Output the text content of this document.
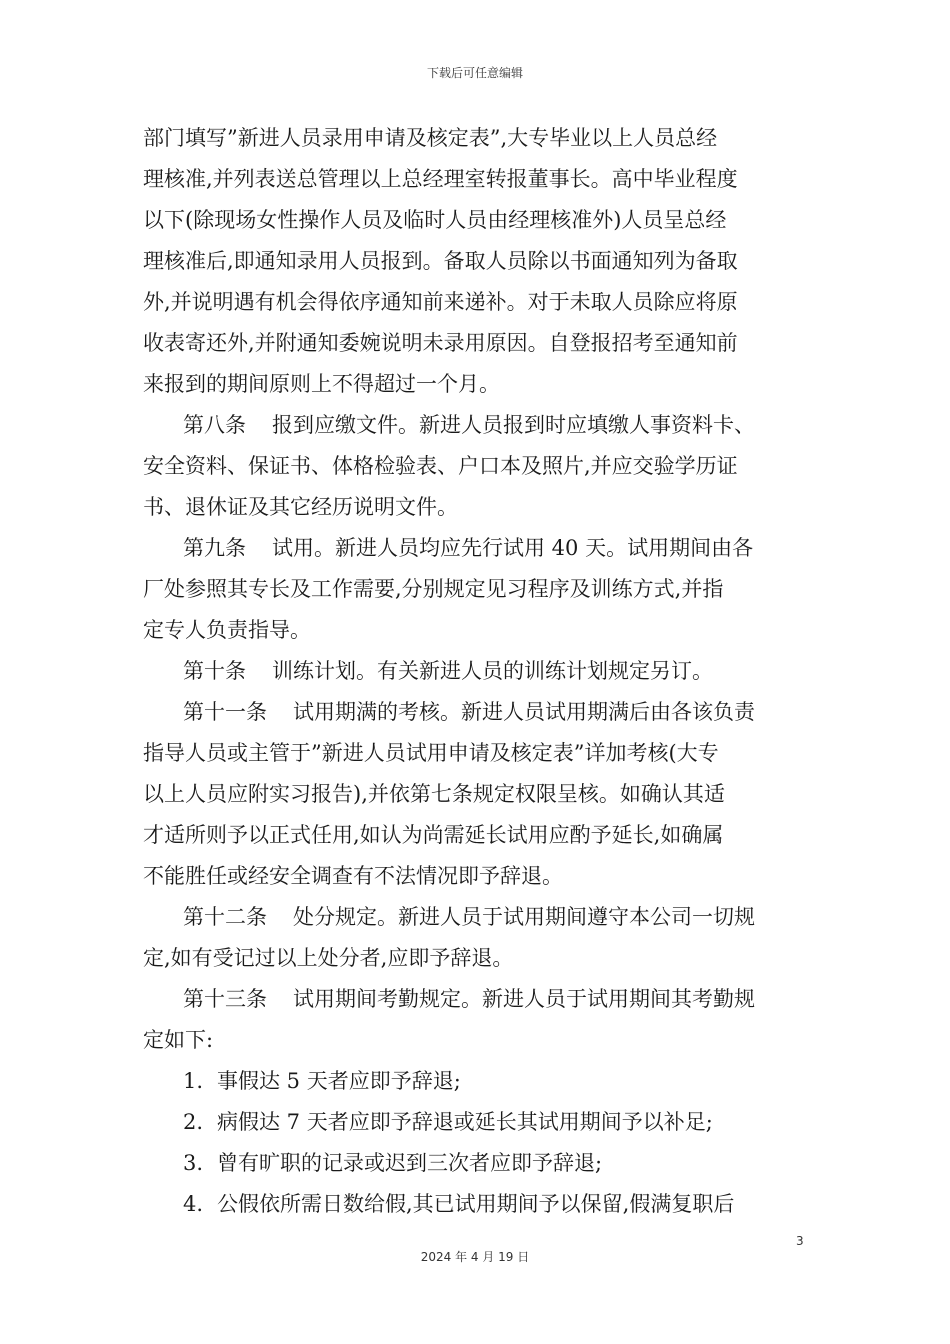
下载后可任意编辑
部门填写”新进人员录用申请及核定表”,大专毕业以上人员总经
理核准,并列表送总管理以上总经理室转报董事长。高中毕业程度
以下(除现场女性操作人员及临时人员由经理核准外)人员呈总经
理核准后,即通知录用人员报到。备取人员除以书面通知列为备取
外,并说明遇有机会得依序通知前来递补。对于未取人员除应将原
收表寄还外,并附通知委婉说明未录用原因。自登报招考至通知前
来报到的期间原则上不得超过一个月。
第八条 报到应缴文件。新进人员报到时应填缴人事资料卡、
安全资料、保证书、体格检验表、户口本及照片,并应交验学历证
书、退休证及其它经历说明文件。
第九条 试用。新进人员均应先行试用 40 天。试用期间由各
厂处参照其专长及工作需要,分别规定见习程序及训练方式,并指
定专人负责指导。
第十条 训练计划。有关新进人员的训练计划规定另订。
第十一条 试用期满的考核。新进人员试用期满后由各该负责
指导人员或主管于”新进人员试用申请及核定表”详加考核(大专
以上人员应附实习报告),并依第七条规定权限呈核。如确认其适
才适所则予以正式任用,如认为尚需延长试用应酌予延长,如确属
不能胜任或经安全调查有不法情况即予辞退。
第十二条 处分规定。新进人员于试用期间遵守本公司一切规
定,如有受记过以上处分者,应即予辞退。
第十三条 试用期间考勤规定。新进人员于试用期间其考勤规
定如下:
1. 事假达 5 天者应即予辞退;
2. 病假达 7 天者应即予辞退或延长其试用期间予以补足;
3. 曾有旷职的记录或迟到三次者应即予辞退;
4. 公假依所需日数给假,其已试用期间予以保留,假满复职后
3
2024 年 4 月 19 日
